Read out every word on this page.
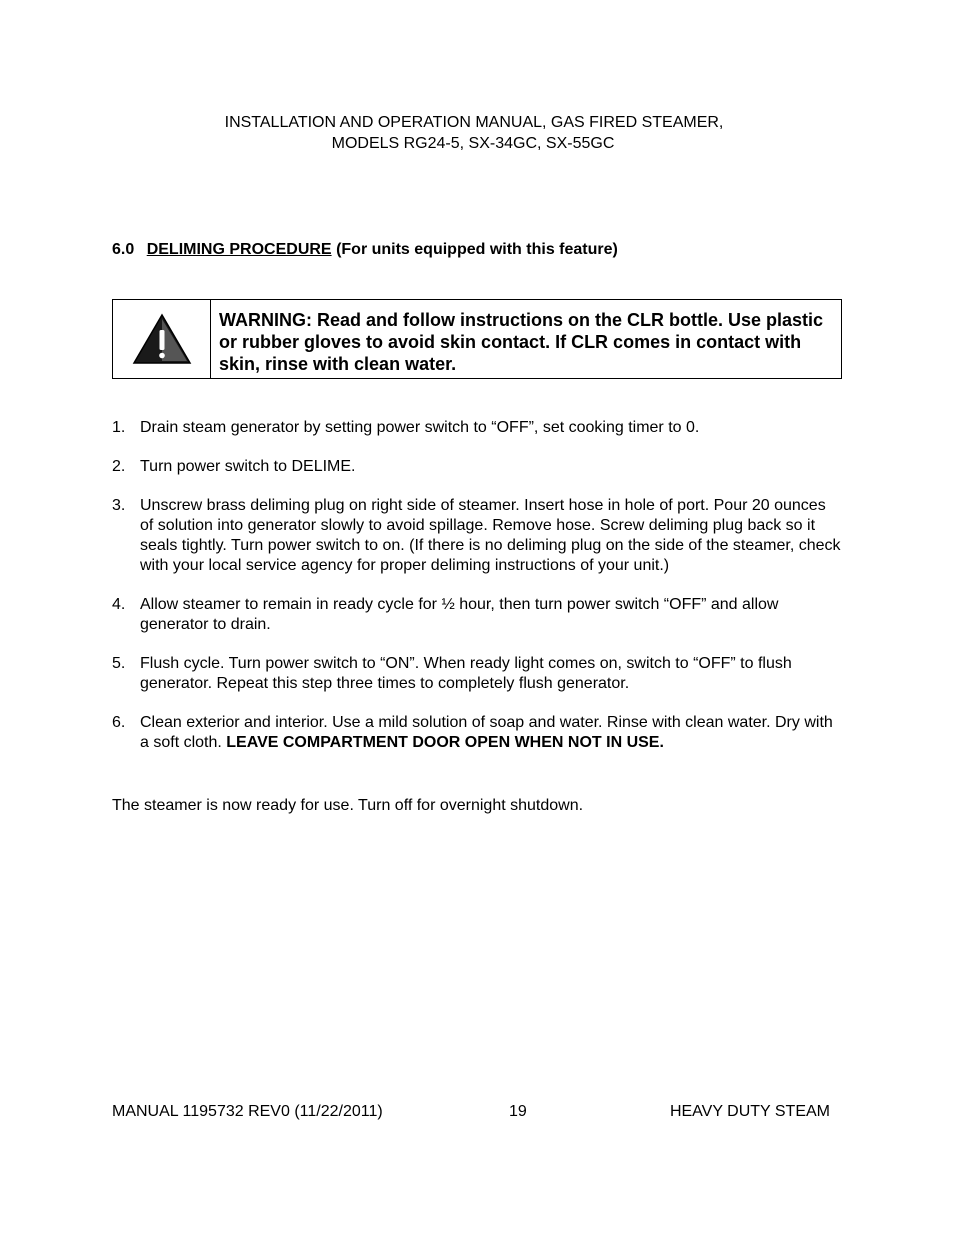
INSTALLATION AND OPERATION MANUAL, GAS FIRED STEAMER,
MODELS RG24-5, SX-34GC, SX-55GC
6.0 DELIMING PROCEDURE (For units equipped with this feature)
WARNING: Read and follow instructions on the CLR bottle. Use plastic or rubber gloves to avoid skin contact. If CLR comes in contact with skin, rinse with clean water.
1. Drain steam generator by setting power switch to “OFF”, set cooking timer to 0.
2. Turn power switch to DELIME.
3. Unscrew brass deliming plug on right side of steamer. Insert hose in hole of port. Pour 20 ounces of solution into generator slowly to avoid spillage. Remove hose. Screw deliming plug back so it seals tightly. Turn power switch to on. (If there is no deliming plug on the side of the steamer, check with your local service agency for proper deliming instructions of your unit.)
4. Allow steamer to remain in ready cycle for ½ hour, then turn power switch “OFF” and allow generator to drain.
5. Flush cycle. Turn power switch to “ON”. When ready light comes on, switch to “OFF” to flush generator. Repeat this step three times to completely flush generator.
6. Clean exterior and interior. Use a mild solution of soap and water. Rinse with clean water. Dry with a soft cloth. LEAVE COMPARTMENT DOOR OPEN WHEN NOT IN USE.
The steamer is now ready for use. Turn off for overnight shutdown.
MANUAL 1195732 REV0 (11/22/2011)	19	HEAVY DUTY STEAM
